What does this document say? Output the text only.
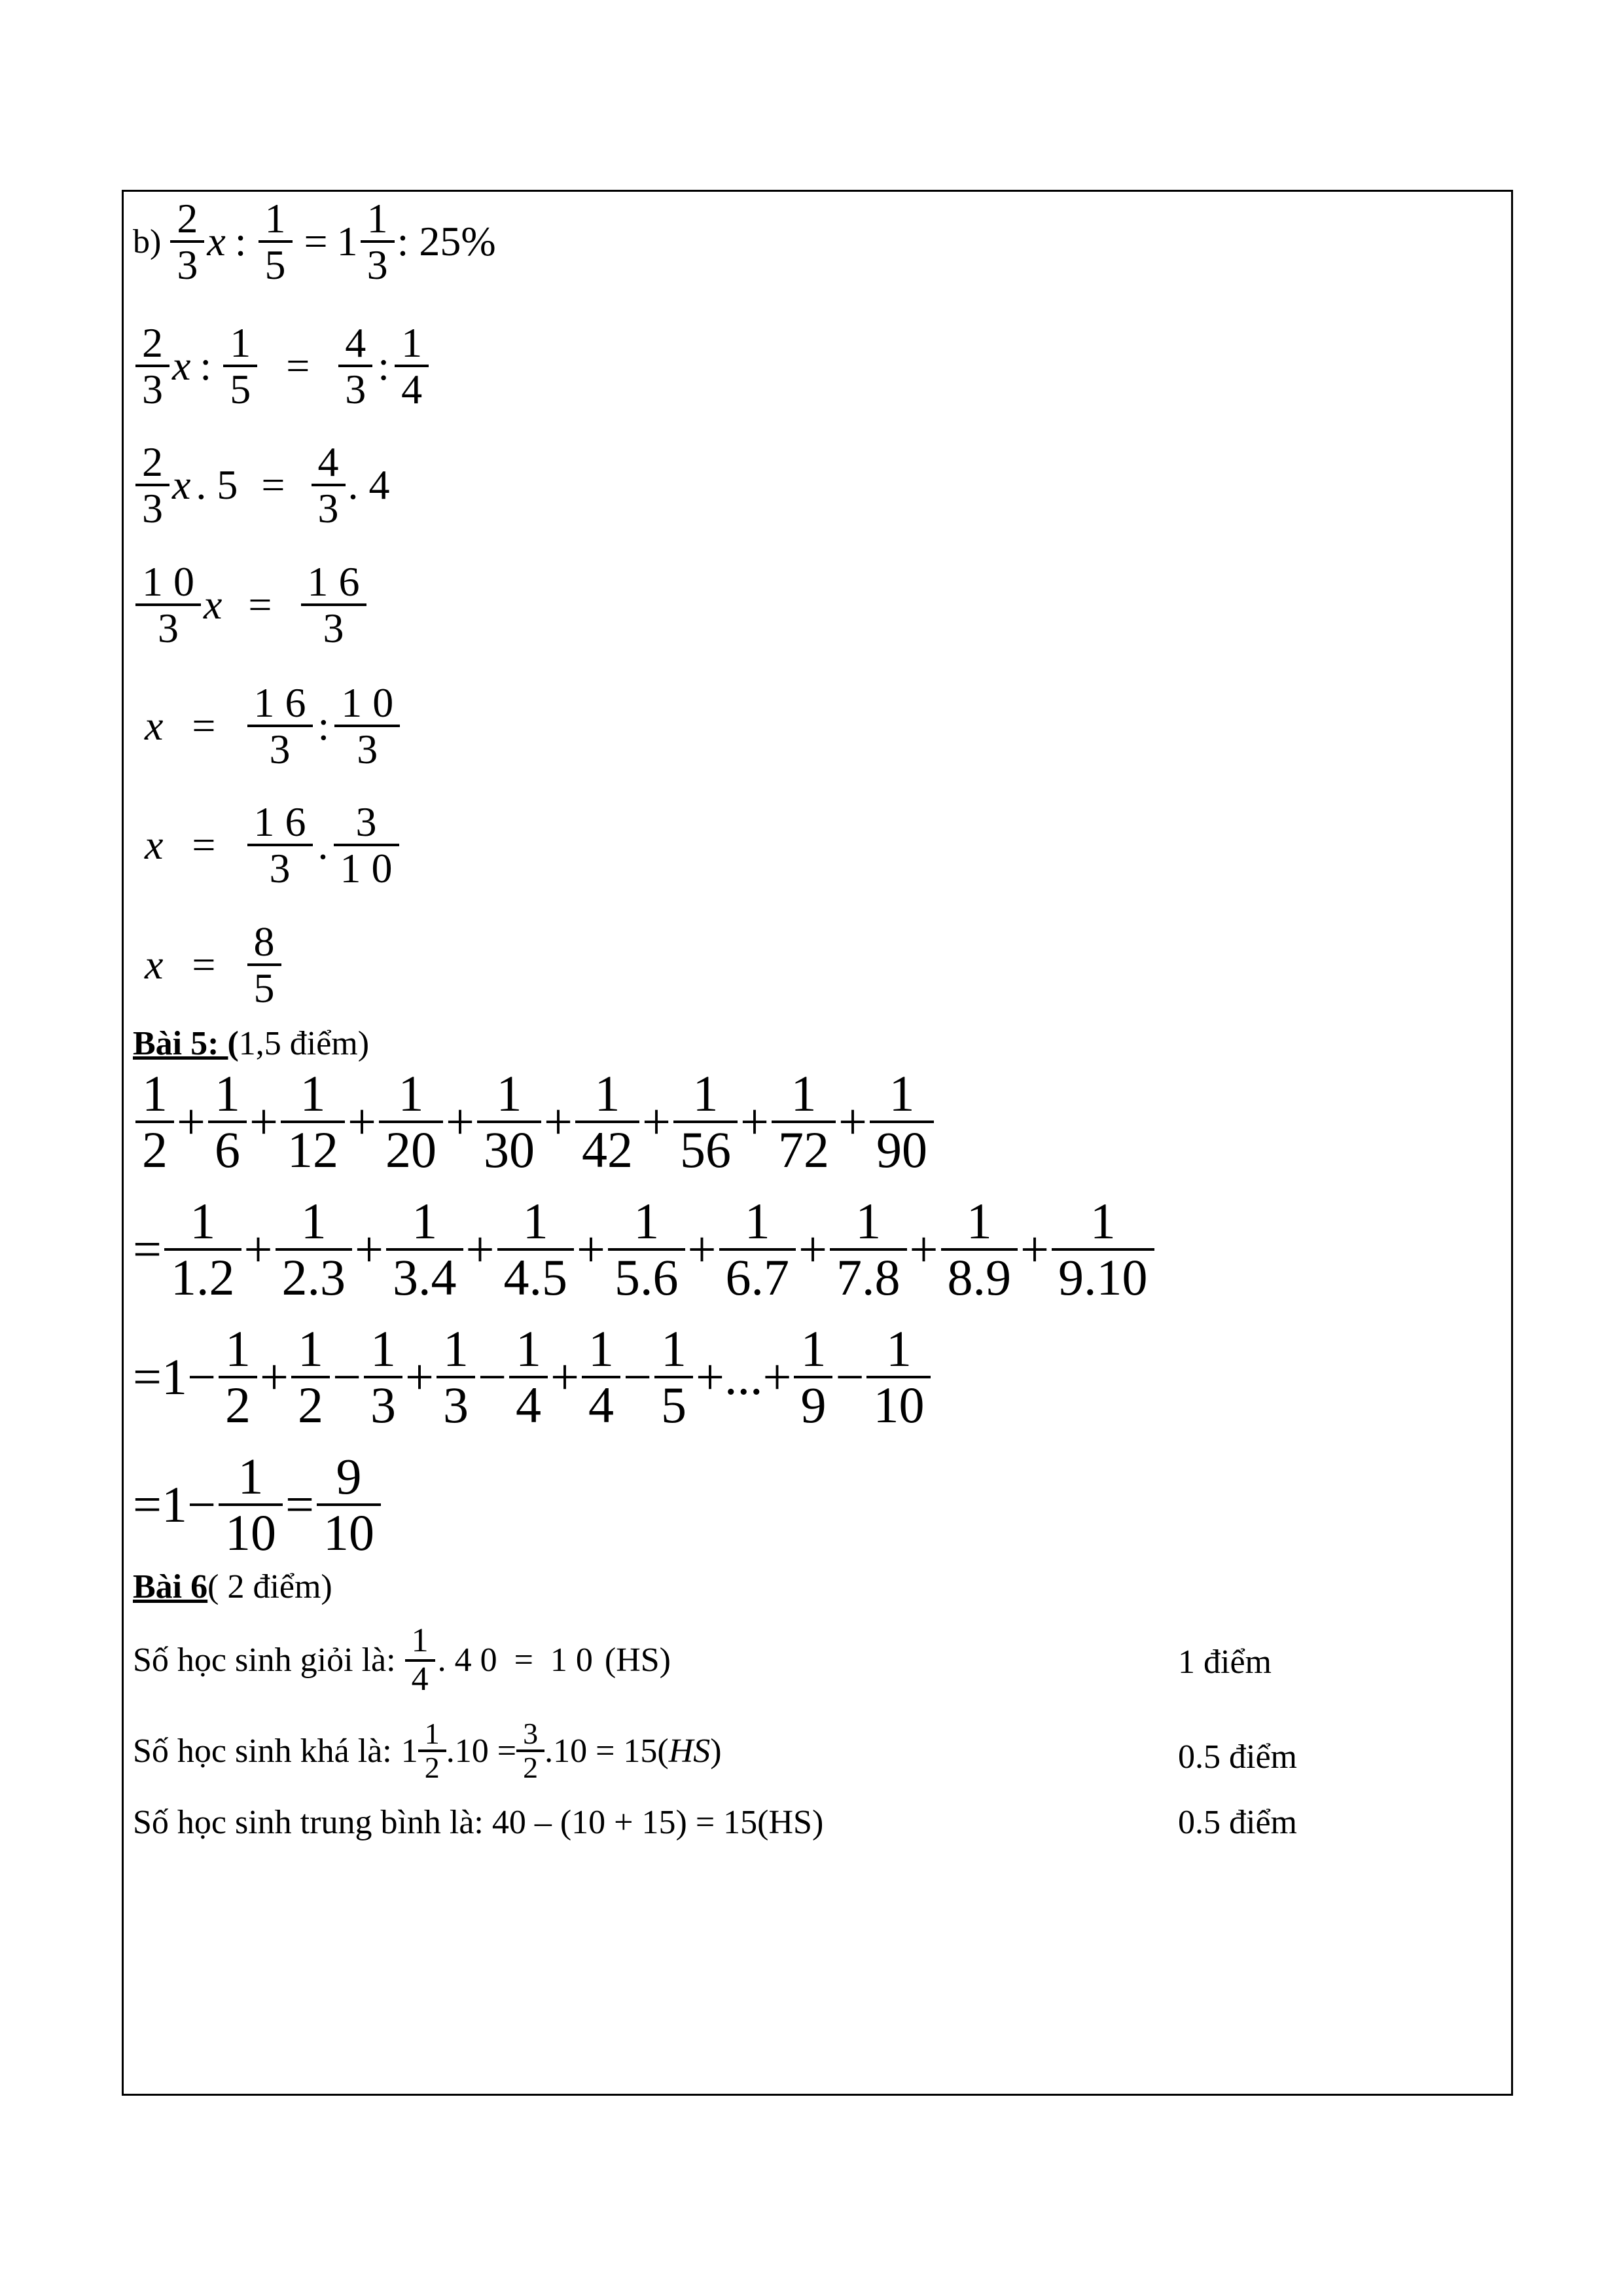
$b) \frac{2}{3}$ x : $\frac{1}{5} = 1 \frac{1}{3}$ : 25%
$\frac{2}{3}$ x : $\frac{1}{5} = \frac{4}{3}$ : $\frac{1}{4}$
$\frac{2}{3}$ x . $5 = \frac{4}{3}$ . 4
$\frac{1 0}{3}$ $x = \frac{1 6}{3}$
$x = \frac{1 6}{3}$ : $\frac{1 0}{3}$
$x = \frac{1 6}{3}$ . $\frac{3}{1 0}$
$x = \frac{8}{5}$
Bài 5: ( 1,5 điểm)
$\frac{1}{2} + \frac{1}{6} + \frac{1}{12} + \frac{1}{20} + \frac{1}{30} + \frac{1}{42} + \frac{1}{56} + \frac{1}{72} + \frac{1}{90}$
= $\frac{1}{1.2} + \frac{1}{2.3} + \frac{1}{3.4} + \frac{1}{4.5} + \frac{1}{5.6} + \frac{1}{6.7} + \frac{1}{7.8} + \frac{1}{8.9} + \frac{1}{9.10}$
$=1- \frac{1}{2} + \frac{1}{2} - \frac{1}{3} + \frac{1}{3} - \frac{1}{4} + \frac{1}{4} - \frac{1}{5}$ +...+ $\frac{1}{9} - \frac{1}{10}$
$=1- \frac{1}{10} = \frac{9}{10}$
Bài 6 ( 2 điểm)
Số học sinh giỏi là: $\frac{1}{4}$ . 4 0  =  1 0 (HS)	1 điểm
Số học sinh khá là: $1 \frac{1}{2} .10 = \frac{3}{2} .10 = 15$( HS )	0.5 điểm
Số học sinh trung bình là: 40 – (10 + 15) = 15(HS)	0.5 điểm
